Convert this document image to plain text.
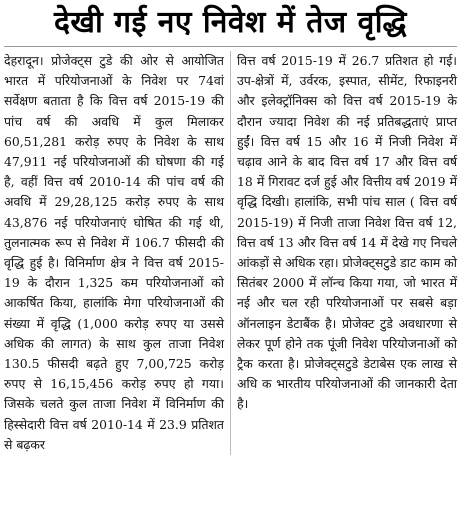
देखी गई नए निवेश में तेज वृद्धि

देहरादून। प्रोजेक्ट्स टुडे की ओर से आयोजित भारत में परियोजनाओं के निवेश पर 74वां सर्वेक्षण बताता है कि वित्त वर्ष 2015-19 की पांच वर्ष की अवधि में कुल मिलाकर 60,51,281 करोड़ रुपए के निवेश के साथ 47,911 नई परियोजनाओं की घोषणा की गई है, वहीं वित्त वर्ष 2010-14 की पांच वर्ष की अवधि में 29,28,125 करोड़ रुपए के साथ 43,876 नई परियोजनाएं घोषित की गई थी, तुलनात्मक रूप से निवेश में 106.7 फीसदी की वृद्धि हुई है। विनिर्माण क्षेत्र ने वित्त वर्ष 2015-19 के दौरान 1,325 कम परियोजनाओं को आकर्षित किया, हालांकि मेगा परियोजनाओं की संख्या में वृद्धि (1,000 करोड़ रुपए या उससे अधिक की लागत) के साथ कुल ताजा निवेश 130.5 फीसदी बढ़ते हुए 7,00,725 करोड़ रुपए से 16,15,456 करोड़ रुपए हो गया। जिसके चलते कुल ताजा निवेश में विनिर्माण की हिस्सेदारी वित्त वर्ष 2010-14 में 23.9 प्रतिशत से बढ़कर

वित्त वर्ष 2015-19 में 26.7 प्रतिशत हो गई। उप-क्षेत्रों में, उर्वरक, इस्पात, सीमेंट, रिफाइनरी और इलेक्ट्रॉनिक्स को वित्त वर्ष 2015-19 के दौरान ज्यादा निवेश की नई प्रतिबद्धताएं प्राप्त हुईं। वित्त वर्ष 15 और 16 में निजी निवेश में चढ़ाव आने के बाद वित्त वर्ष 17 और वित्त वर्ष 18 में गिरावट दर्ज हुई और वित्तीय वर्ष 2019 में वृद्धि दिखी। हालांकि, सभी पांच साल ( वित्त वर्ष 2015-19) में निजी ताजा निवेश वित्त वर्ष 12, वित्त वर्ष 13 और वित्त वर्ष 14 में देखे गए निचले आंकड़ों से अधिक रहा। प्रोजेक्ट्सटुडे डाट काम को सितंबर 2000 में लॉन्च किया गया, जो भारत में नई और चल रही परियोजनाओं पर सबसे बड़ा ऑनलाइन डेटाबैंक है। प्रोजेक्ट टुडे अवधारणा से लेकर पूर्ण होने तक पूंजी निवेश परियोजनाओं को ट्रैक करता है। प्रोजेक्ट्सटुडे डेटाबेस एक लाख से अधि क भारतीय परियोजनाओं की जानकारी देता है।
